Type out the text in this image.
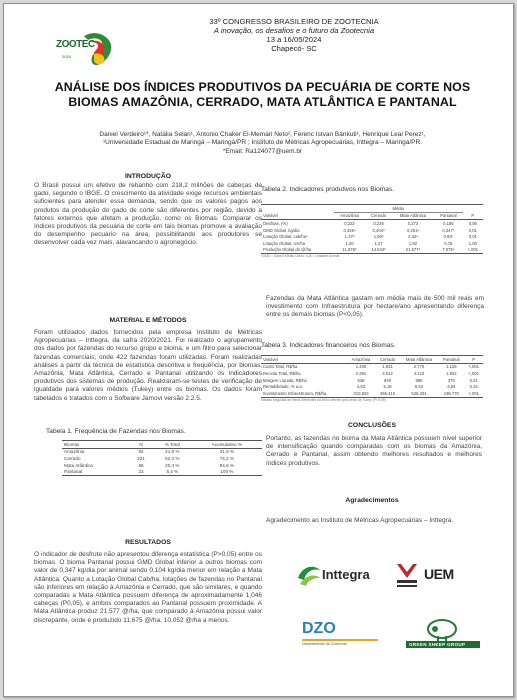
ZOOTEC
2024
33º CONGRESSO BRASILEIRO DE ZOOTECNIA
A inovação, os desafios e o futuro da Zootecnia
13 a 16/05/2024
Chapecó- SC
ANÁLISE DOS ÍNDICES PRODUTIVOS DA PECUÁRIA DE CORTE NOS BIOMAS AMAZÔNIA, CERRADO, MATA ATLÂNTICA E PANTANAL
Daniel Verdeiro¹*, Natália Selan¹, Antonio Chaker El-Memari Neto², Ferenc Istvan Bánkuti¹, Henrique Leal Perez¹,
¹Universidade Estadual de Maringá – Maringá/PR ; Instituto de Métricas Agropecuárias, Inttegra – Maringá/PR.
*Email: Ra124077@uem.br
INTRODUÇÃO
O Brasil possui um efetivo de rebanho com 218,2 milhões de cabeças de gado, segundo o IBGE. O crescimento da atividade exige recursos ambientais suficientes para atender essa demanda, sendo que os valores pagos aos produtos da produção do gado de corte são diferentes por região, devido a fatores externos que afetam a produção, como os Biomas. Comparar os índices produtivos da pecuária de corte em tais biomas promove a avaliação do desempenho pecuário na área, possibilitando aos produtores se desenvolver cada vez mais, alavancando o agronegócio.
MATERIAL E MÉTODOS
Foram utilizados dados fornecidos pela empresa Instituto de Métricas Agropecuárias – Inttegra, da safra 2020/2021. Foi realizado o agrupamento dos dados por fazendas do recurso grupo e bioma, e um filtro para selecionar fazendas comerciais, onde 422 fazendas foram utilizadas. Foram realizadas análises a partir da técnica de estatística descritiva e frequência, por biomas, Amazônia, Mata Atlântica, Cerrado e Pantanal utilizando os indicadores produtivos dos sistemas de produção. Realizaram-se testes de verificação de igualdade para valores médios (Tukey) entre os biomas. Os dados foram tabelados e tratados com o Software Jamovi versão 2.2.5.
Tabela 1. Frequência de Fazendas nos Biomas.
Biomas	N	% Total	Acumulativo %
Amazônia	92	21,8 %	21,8 %
Cerrado	221	52,4 %	74,2 %
Mata Atlântica	86	20,4 %	94,6 %
Pantanal	23	5,4 %	100 %
RESULTADOS
O indicador de desfrute não apresentou diferença estatística (P>0,05) entre os biomas. O bioma Pantanal possui GMD Global inferior a outros biomas com valor de 0,347 kg/dia por animal sendo 0,104 kg/dia menor em relação a Mata Atlântica. Quanto a Lotação Global Cab/ha, lotações de fazendas no Pantanal são inferiores em relação à Amazônia e Cerrado, que são similares, e quando comparadas a Mata Atlântica possuem diferença de aproximadamente 1,046 cabeças (P0,05), e ambos comparados ao Pantanal possuem proximidade. A Mata Atlântica produz 21,577 @/ha, que comparado à Amazônia possui valor discrepante, onde é produzido 11,675 @/ha, 10,052 @/ha a menos.
Tabela 2. Indicadores produtivos nos Biomas.
	Média				
Variável	Amazônia	Cerrado	Mata Atlântica	Pantanal	P
Desfrute, (%)	0,222	0,236	0,273	0,185	0,06
GMD Global, kg/dia	0,425ᵃ	0,404ᵃ	0,451ᵃ	0,347ᵇ	0,01
Lotação Global, cab/haᵃ	1,37ᵇ	1,56ᵇ	2,42ᵃ	0,93ᶜ	0,01
Lotação Global, UA/ha	1,20	1,27	1,92	0,76	1,00
Produção Global de @/ha	11,675ᵇ	14,534ᵇ	21,577ᵃ	7,075ᶜ	<,001
¹GMD = Ganho Médio Diário; ²UA = Unidade Animal
Fazendas da Mata Atlântica gastam em média mais de 500 mil reais em investimento com Infraestrutura por hectare/ano apresentando diferença entre os demais biomas (P<0,05).
Tabela 3. Indicadores financeiros nos Biomas.
Variável	Amazônia	Cerrado	Mata Atlântica	Pantanal	P
Custo Total, R$/ha	1.405	1.931	2.770	1.128	<,001
Receita Total, R$/ha	2.391	3.012	4.123	1.502	<,001
Margem Líquida, R$/ha	548	640	985	370	0,01
Rentabilidade, % a.a.	4,93	5,18	6,52	3,84	0,34
Investimento Infraestrutura, R$/ha	310.823	285.410	526.204	198.770	<,001
Médias seguidas de letras diferentes na linha diferem pelo teste de Tukey (P<0,05).
CONCLUSÕES
Portanto, as fazendas no bioma da Mata Atlântica possuem nível superior de intensificação quando comparadas com os biomas da Amazônia, Cerrado e Pantanal, assim obtendo melhores resultados e melhores índices produtivos.
Agradecimentos
Agradecimento ao Instituto de Métricas Agropecuárias – Inttegra.
Inttegra	UEM
DZO
Departamento de Zootecnia	GREEN SHEEP GROUP
